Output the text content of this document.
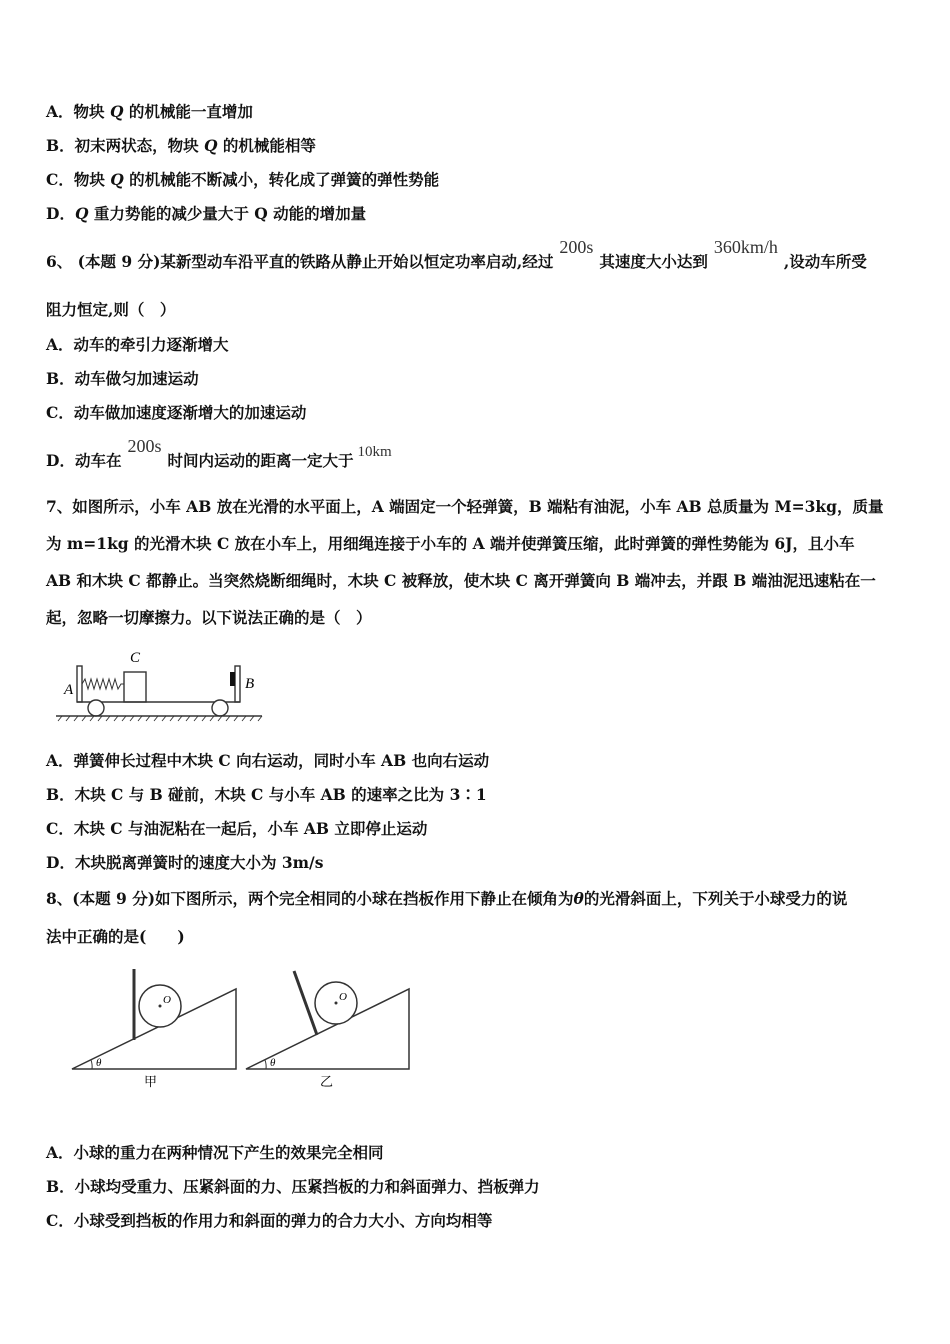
A．物块 Q 的机械能一直增加
B．初末两状态，物块 Q 的机械能相等
C．物块 Q 的机械能不断减小，转化成了弹簧的弹性势能
D．Q 重力势能的减少量大于 Q 动能的增加量
6、 (本题 9 分)某新型动车沿平直的铁路从静止开始以恒定功率启动,经过200s其速度大小达到360km/h,设动车所受
阻力恒定,则（　）
A．动车的牵引力逐渐增大
B．动车做匀加速运动
C．动车做加速度逐渐增大的加速运动
D．动车在200s时间内运动的距离一定大于 10km
7、如图所示，小车 AB 放在光滑的水平面上，A 端固定一个轻弹簧，B 端粘有油泥，小车 AB 总质量为 M=3kg，质量
为 m=1kg 的光滑木块 C 放在小车上，用细绳连接于小车的 A 端并使弹簧压缩，此时弹簧的弹性势能为 6J，且小车
AB 和木块 C 都静止。当突然烧断细绳时，木块 C 被释放，使木块 C 离开弹簧向 B 端冲去，并跟 B 端油泥迅速粘在一
起，忽略一切摩擦力。以下说法正确的是（　）
C
A	B
A．弹簧伸长过程中木块 C 向右运动，同时小车 AB 也向右运动
B．木块 C 与 B 碰前，木块 C 与小车 AB 的速率之比为 3∶1
C．木块 C 与油泥粘在一起后，小车 AB 立即停止运动
D．木块脱离弹簧时的速度大小为 3m/s
8、(本题 9 分)如下图所示，两个完全相同的小球在挡板作用下静止在倾角为θ的光滑斜面上，下列关于小球受力的说
法中正确的是(　　)
O
θ
甲
O
θ
乙
A．小球的重力在两种情况下产生的效果完全相同
B．小球均受重力、压紧斜面的力、压紧挡板的力和斜面弹力、挡板弹力
C．小球受到挡板的作用力和斜面的弹力的合力大小、方向均相等
